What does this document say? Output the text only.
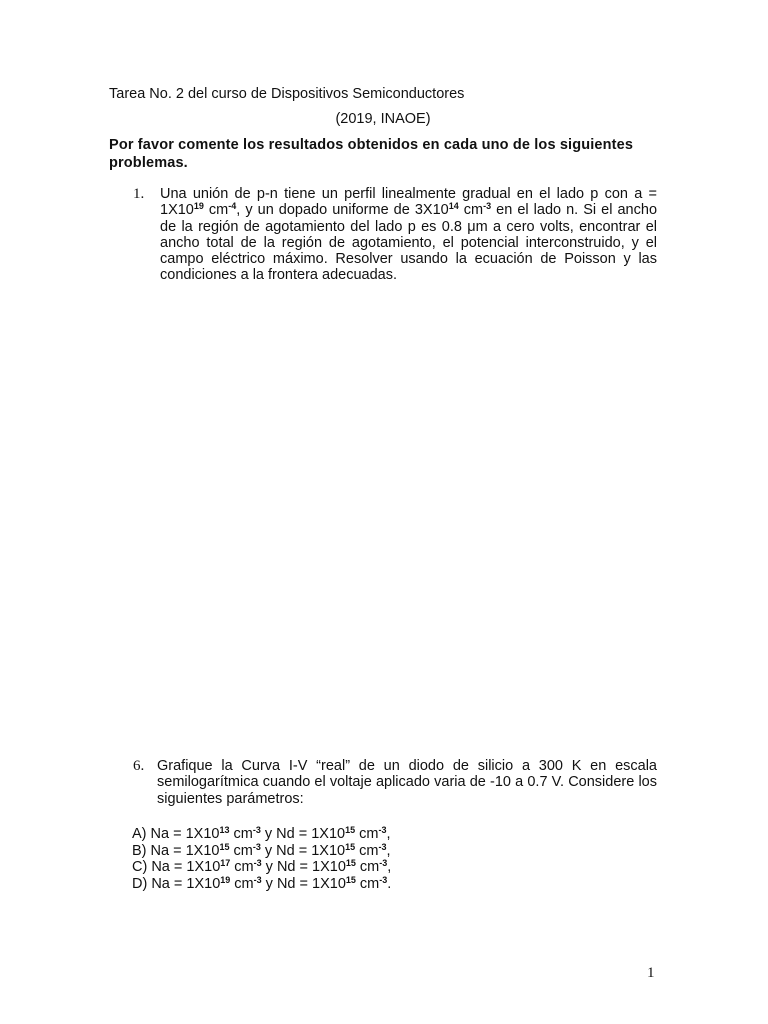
Tarea No. 2 del curso de Dispositivos Semiconductores
(2019, INAOE)
Por favor comente los resultados obtenidos en cada uno de los siguientes problemas.
1. Una unión de p-n tiene un perfil linealmente gradual en el lado p con $a = 1X10^{19}$ $cm^{-4}$, y un dopado uniforme de $3X10^{14}$ $cm^{-3}$ en el lado n. Si el ancho de la región de agotamiento del lado p es 0.8 μm a cero volts, encontrar el ancho total de la región de agotamiento, el potencial interconstruido, y el campo eléctrico máximo. Resolver usando la ecuación de Poisson y las condiciones a la frontera adecuadas.
6. Grafique la Curva I-V “real” de un diodo de silicio a 300 K en escala semilogarítmica cuando el voltaje aplicado varia de -10 a 0.7 V. Considere los siguientes parámetros:
A) $Na = 1X10^{13}$ $cm^{-3}$ y $Nd = 1X10^{15}$ $cm^{-3}$,
B) $Na = 1X10^{15}$ $cm^{-3}$ y $Nd = 1X10^{15}$ $cm^{-3}$,
C) $Na = 1X10^{17}$ $cm^{-3}$ y $Nd = 1X10^{15}$ $cm^{-3}$,
D) $Na = 1X10^{19}$ $cm^{-3}$ y $Nd = 1X10^{15}$ $cm^{-3}$.
1
